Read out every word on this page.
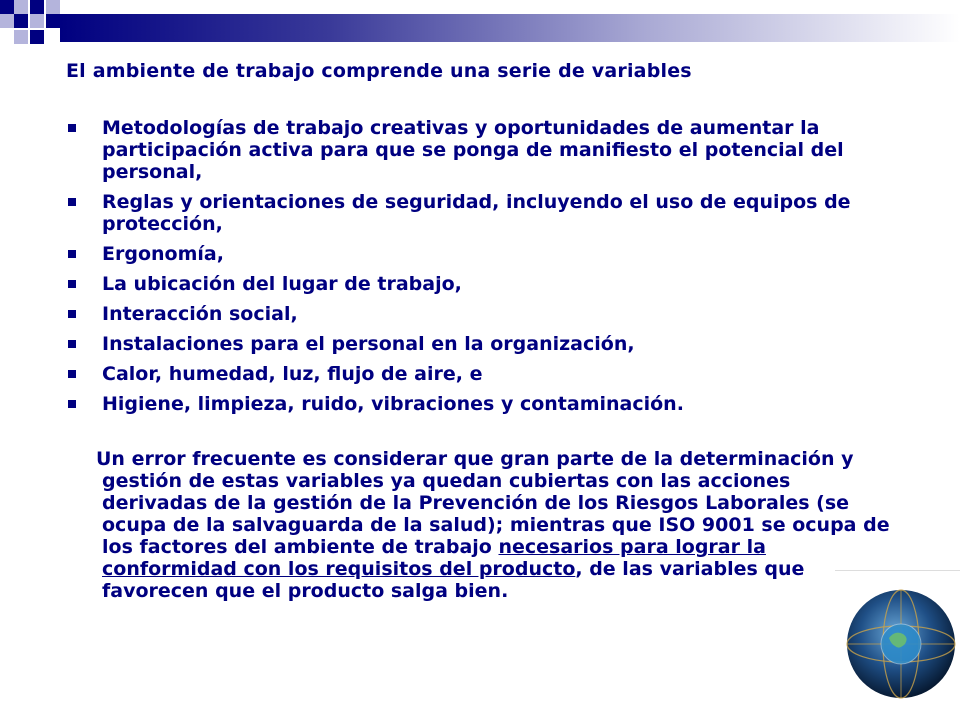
El ambiente de trabajo comprende una serie de variables
Metodologías de trabajo creativas y oportunidades de aumentar la participación activa para que se ponga de manifiesto el potencial del personal,
Reglas y orientaciones de seguridad, incluyendo el uso de equipos de protección,
Ergonomía,
La ubicación del lugar de trabajo,
Interacción social,
Instalaciones para el personal en la organización,
Calor, humedad, luz, flujo de aire, e
Higiene, limpieza, ruido, vibraciones y contaminación.
Un error frecuente es considerar que gran parte de la determinación y gestión de estas variables ya quedan cubiertas con las acciones derivadas de la gestión de la Prevención de los Riesgos Laborales (se ocupa de la salvaguarda de la salud); mientras que ISO 9001 se ocupa de los factores del ambiente de trabajo necesarios para lograr la conformidad con los requisitos del producto, de las variables que favorecen que el producto salga bien.
